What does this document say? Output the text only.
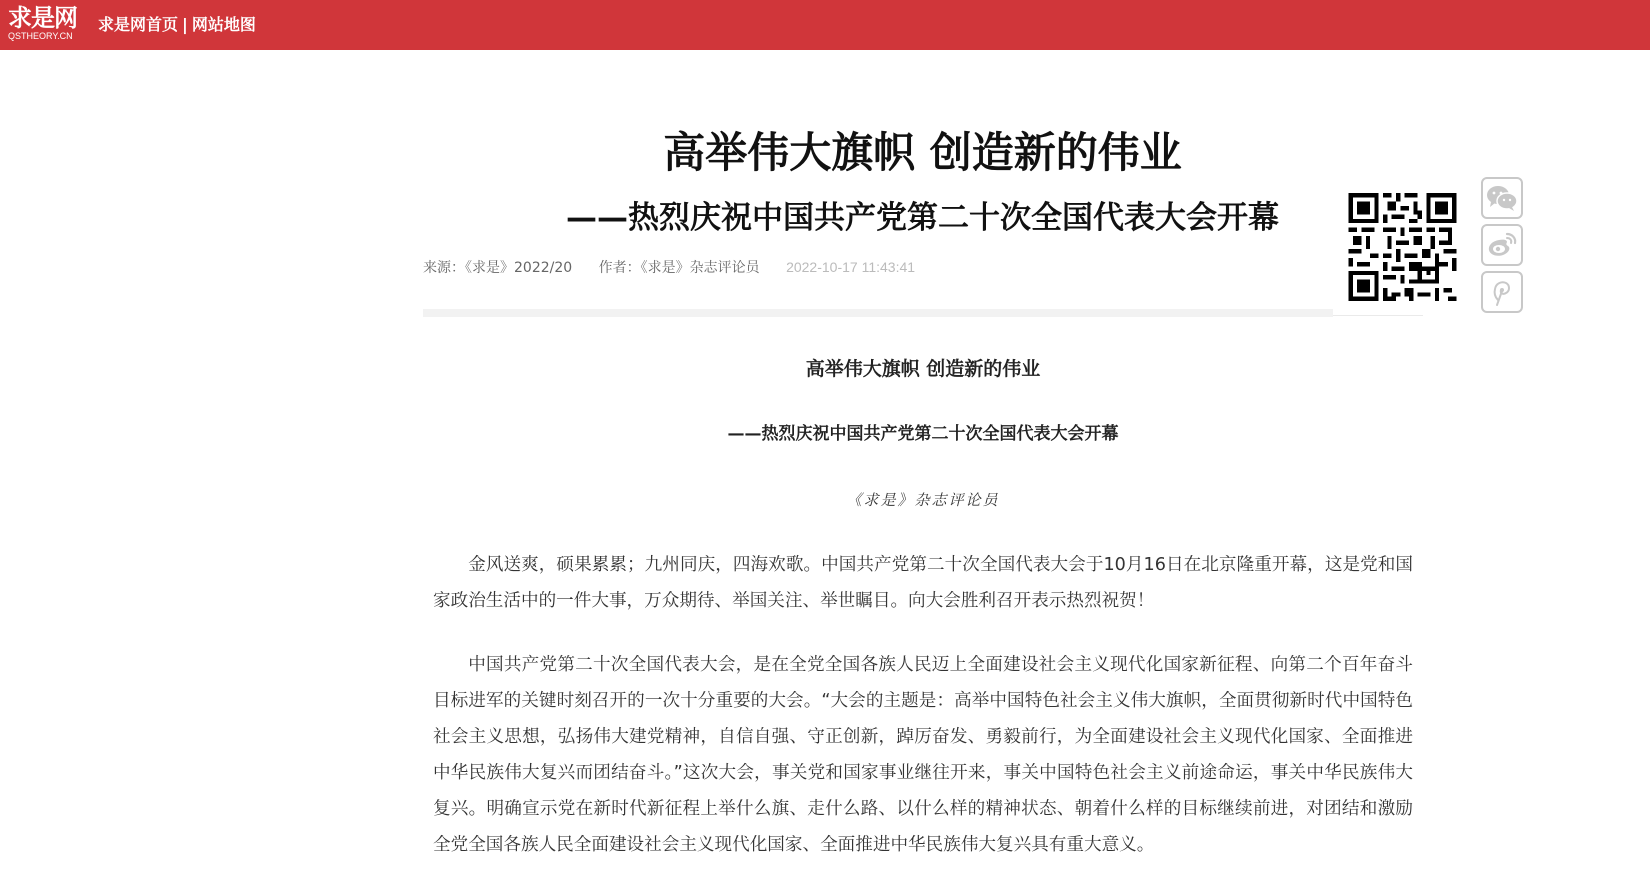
求是网
QSTHEORY.CN
求是网首页 | 网站地图
高举伟大旗帜 创造新的伟业
——热烈庆祝中国共产党第二十次全国代表大会开幕
来源：《求是》2022/20 作者：《求是》杂志评论员 2022-10-17 11:43:41
高举伟大旗帜 创造新的伟业
——热烈庆祝中国共产党第二十次全国代表大会开幕

《求是》杂志评论员

金风送爽，硕果累累；九州同庆，四海欢歌。中国共产党第二十次全国代表大会于10月16日在北京隆重开幕，这是党和国家政治生活中的一件大事，万众期待、举国关注、举世瞩目。向大会胜利召开表示热烈祝贺！

中国共产党第二十次全国代表大会，是在全党全国各族人民迈上全面建设社会主义现代化国家新征程、向第二个百年奋斗目标进军的关键时刻召开的一次十分重要的大会。“大会的主题是：高举中国特色社会主义伟大旗帜，全面贯彻新时代中国特色社会主义思想，弘扬伟大建党精神，自信自强、守正创新，踔厉奋发、勇毅前行，为全面建设社会主义现代化国家、全面推进中华民族伟大复兴而团结奋斗。”这次大会，事关党和国家事业继往开来，事关中国特色社会主义前途命运，事关中华民族伟大复兴。明确宣示党在新时代新征程上举什么旗、走什么路、以什么样的精神状态、朝着什么样的目标继续前进，对团结和激励全党全国各族人民全面建设社会主义现代化国家、全面推进中华民族伟大复兴具有重大意义。
